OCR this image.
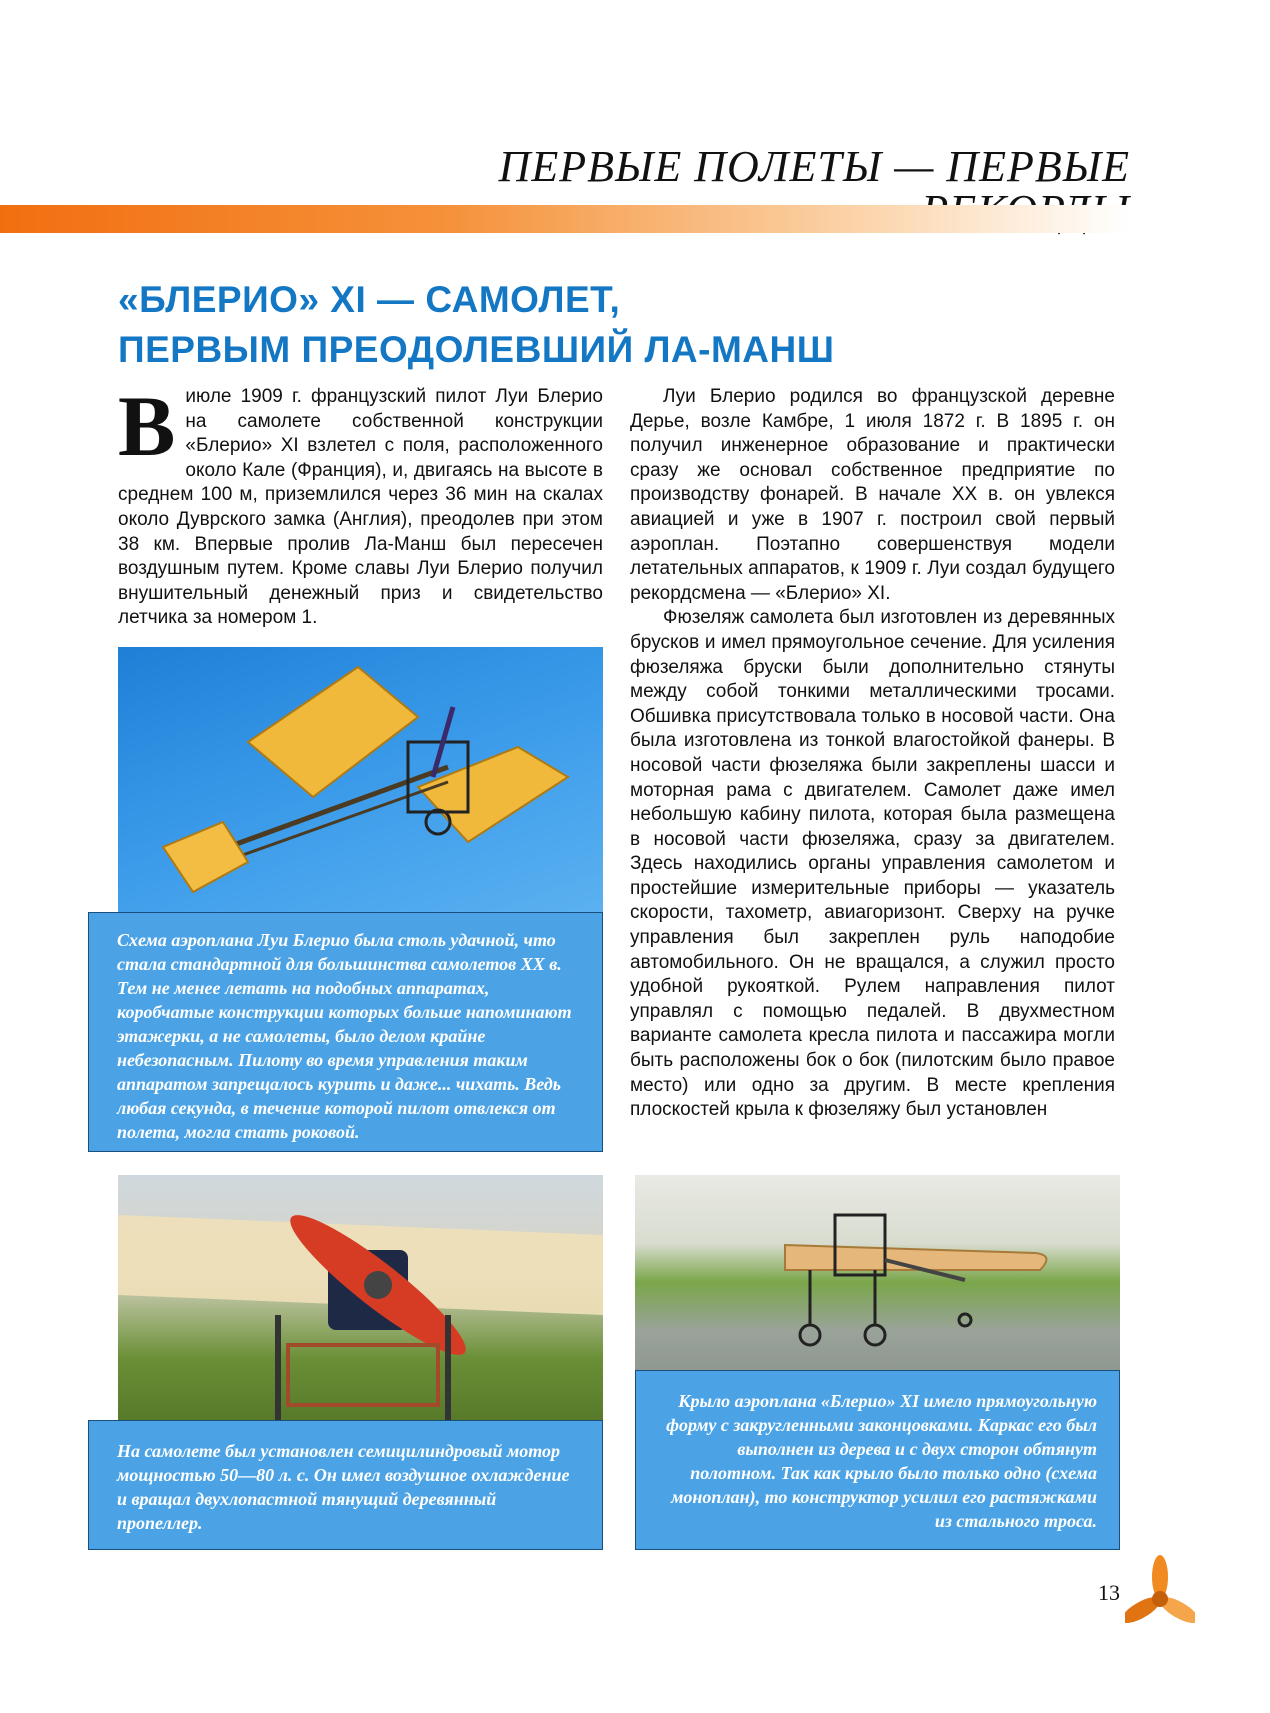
ПЕРВЫЕ ПОЛЕТЫ — ПЕРВЫЕ
«БЛЕРИО» XI — САМОЛЕТ,
ПЕРВЫМ ПРЕОДОЛЕВШИЙ ЛА-МАНШ

Виюле 1909 г. французский пилот Луи Блерио на самолете собственной конструкции «Блерио» XI взлетел с поля, расположенного около Кале (Франция), и, двигаясь на высоте в среднем 100 м, приземлился через 36 мин на скалах около Дуврского замка (Англия), преодолев при этом 38 км. Впервые пролив Ла-Манш был пересечен воздушным путем. Кроме славы Луи Блерио получил внушительный денежный приз и свидетельство летчика за номером 1.

Луи Блерио родился во французской деревне Дерье, возле Камбре, 1 июля 1872 г. В 1895 г. он получил инженерное образование и практически сразу же основал собственное предприятие по производству фонарей. В начале XX в. он увлекся авиацией и уже в 1907 г. построил свой первый аэроплан. Поэтапно совершенствуя модели летательных аппаратов, к 1909 г. Луи создал будущего рекордсмена — «Блерио» XI.

Фюзеляж самолета был изготовлен из деревянных брусков и имел прямоугольное сечение. Для усиления фюзеляжа бруски были дополнительно стянуты между собой тонкими металлическими тросами. Обшивка присутствовала только в носовой части. Она была изготовлена из тонкой влагостойкой фанеры. В носовой части фюзеляжа были закреплены шасси и моторная рама с двигателем. Самолет даже имел небольшую кабину пилота, которая была размещена в носовой части фюзеляжа, сразу за двигателем. Здесь находились органы управления самолетом и простейшие измерительные приборы — указатель скорости, тахометр, авиагоризонт. Сверху на ручке управления был закреплен руль наподобие автомобильного. Он не вращался, а служил просто удобной рукояткой. Рулем направления пилот управлял с помощью педалей. В двухместном варианте самолета кресла пилота и пассажира могли быть расположены бок о бок (пилотским было правое место) или одно за другим. В месте крепления плоскостей крыла к фюзеляжу был установлен

Схема аэроплана Луи Блерио была столь удачной, что стала стандартной для большинства самолетов XX в. Тем не менее летать на подобных аппаратах, коробчатые конструкции которых больше напоминают этажерки, а не самолеты, было делом крайне небезопасным. Пилоту во время управления таким аппаратом запрещалось курить и даже... чихать. Ведь любая секунда, в течение которой пилот отвлекся от полета, могла стать роковой.
На самолете был установлен семицилиндровый мотор мощностью 50—80 л. с. Он имел воздушное охлаждение и вращал двухлопастной тянущий деревянный пропеллер.
Крыло аэроплана «Блерио» XI имело прямоугольную форму с закругленными законцовками. Каркас его был выполнен из дерева и с двух сторон обтянут полотном. Так как крыло было только одно (схема моноплан), то конструктор усилил его растяжками из стального троса.
13
